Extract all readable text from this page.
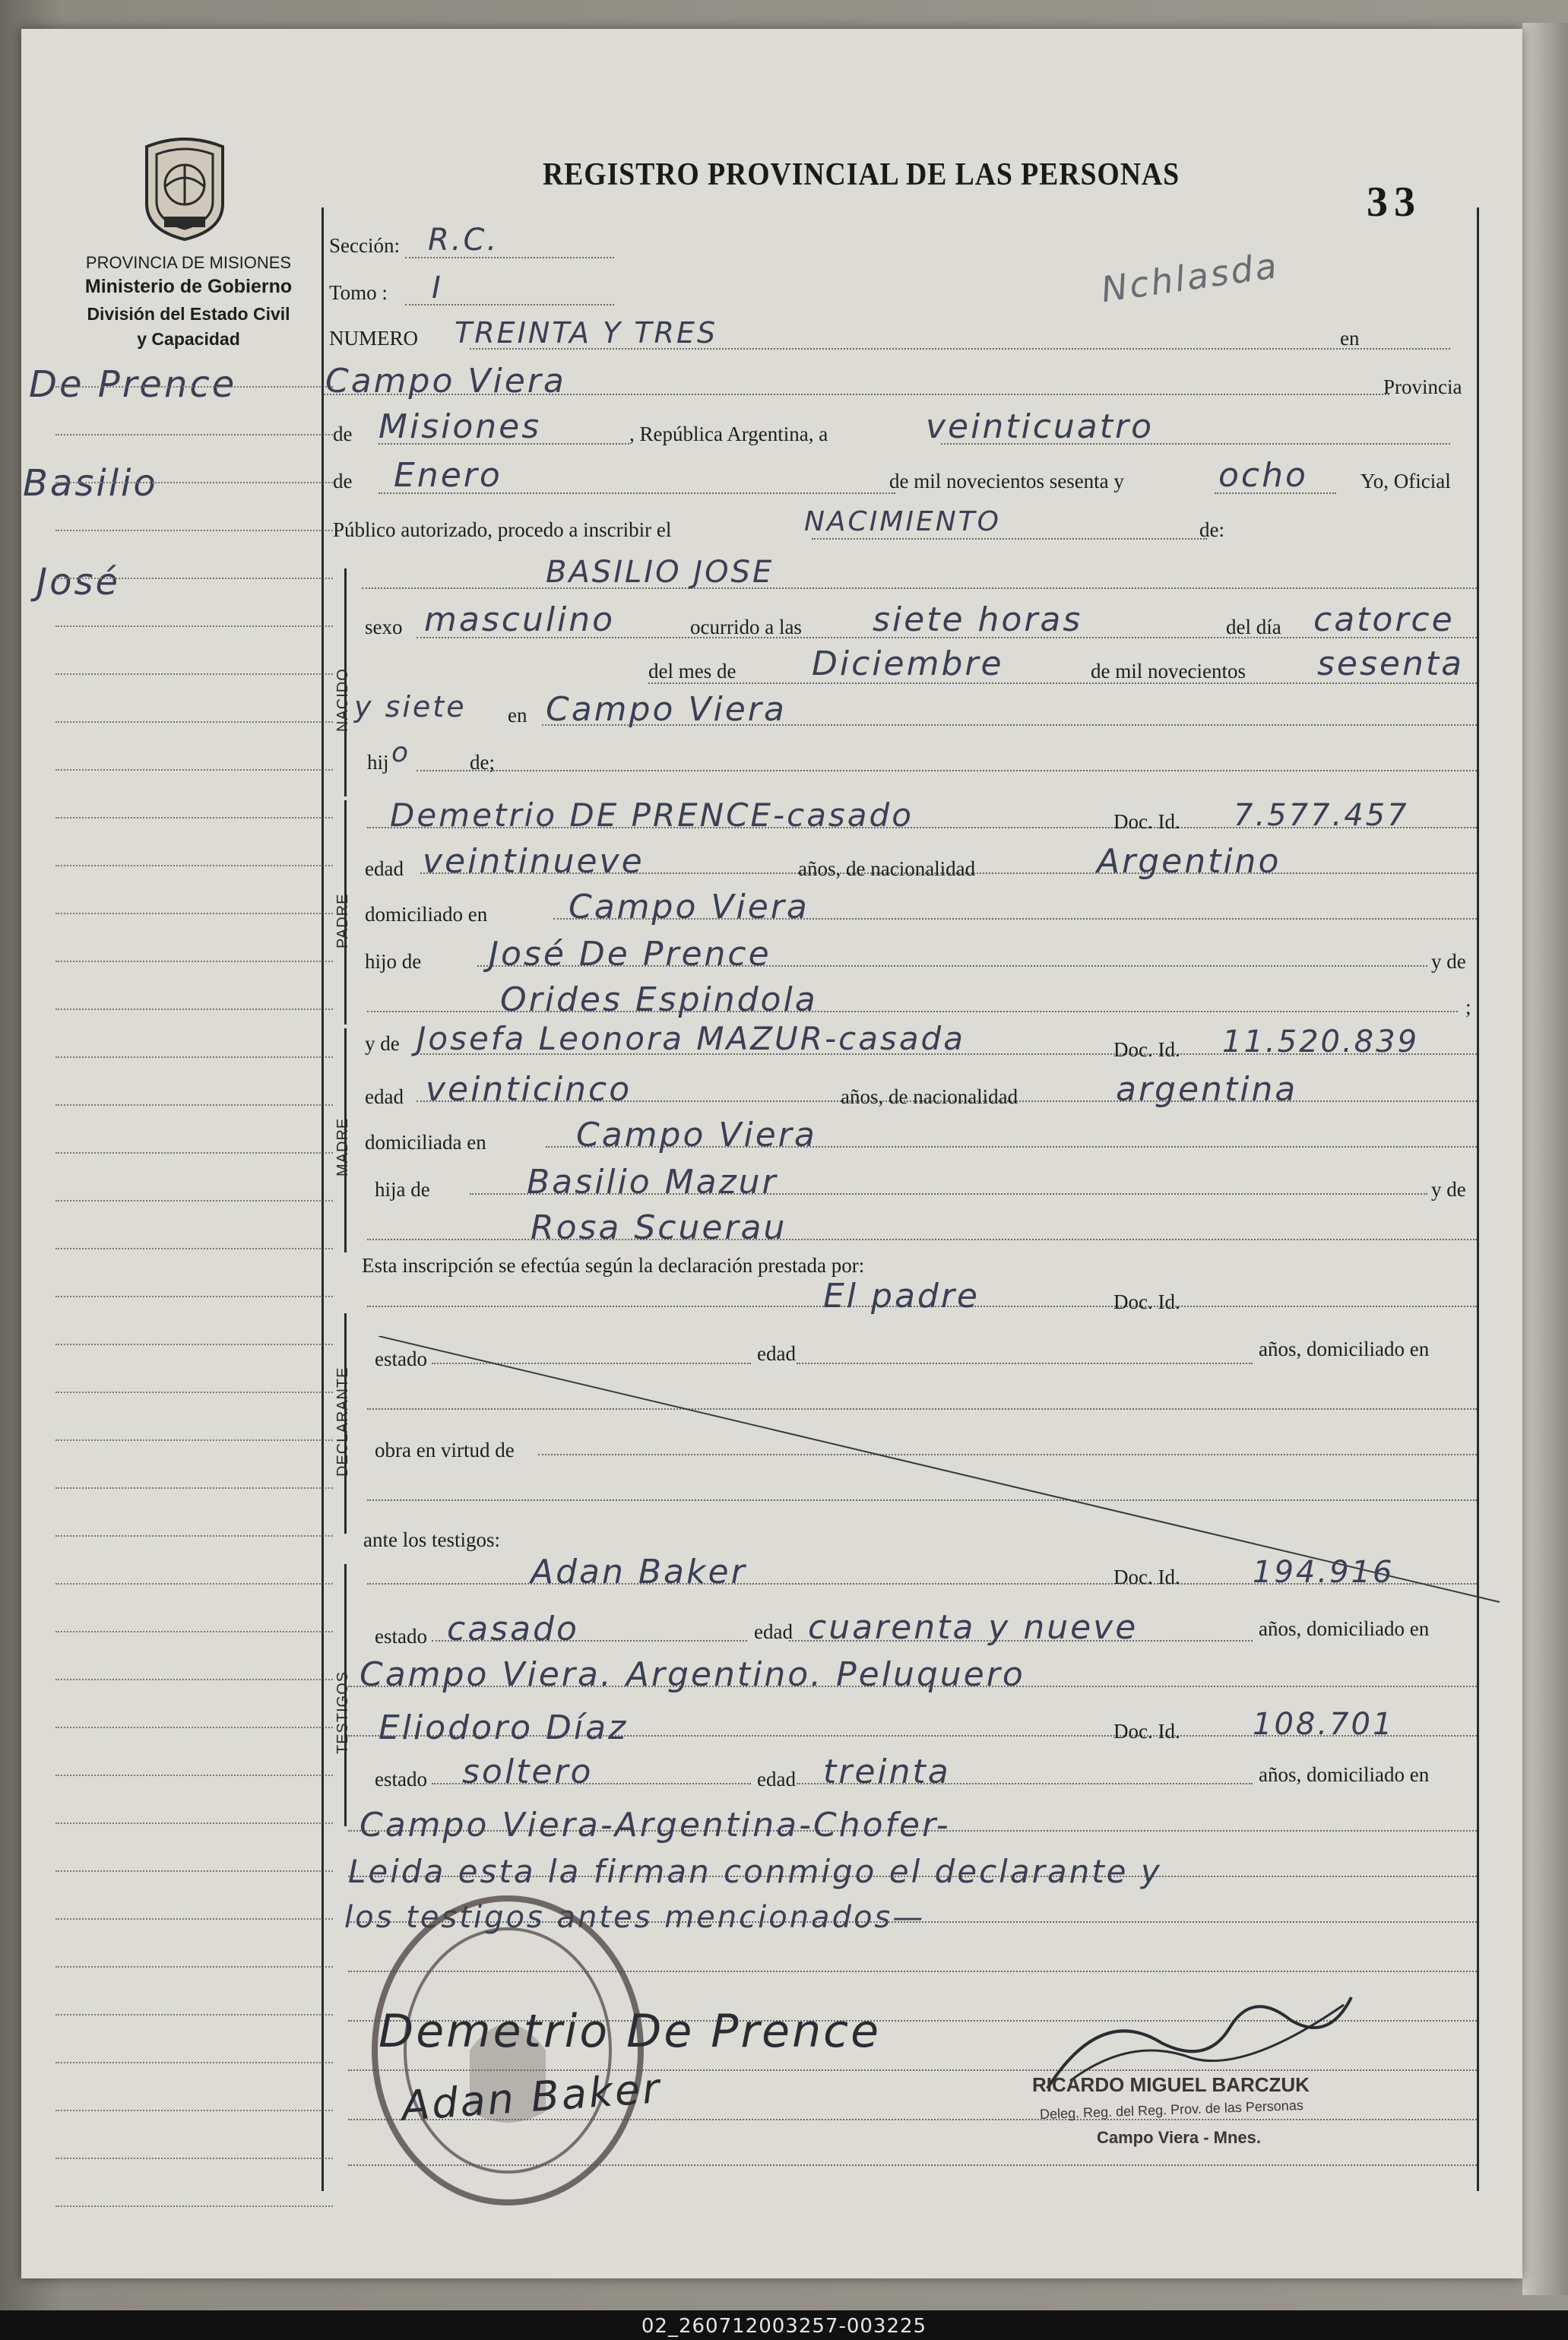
PROVINCIA DE MISIONES
Ministerio de Gobierno
División del Estado Civil
y Capacidad
REGISTRO PROVINCIAL DE LAS PERSONAS
33
Nchlasda
De Prence
Basilio
José
NACIDO
PADRE
MADRE
DECLARANTE
TESTIGOS
Sección: R.C.
Tomo : I
NUMERO TREINTA Y TRES	en
Campo Viera	Provincia
de Misiones	, República Argentina, a	veinticuatro
de Enero	de mil novecientos sesenta y	ocho	Yo, Oficial
Público autorizado, procedo a inscribir el	NACIMIENTO	de:
BASILIO JOSE
sexo masculino	ocurrido a las siete horas	del día catorce
del mes de Diciembre	de mil novecientos sesenta
y siete en Campo Viera
hij o	de;
Demetrio DE PRENCE-casado	Doc. Id. 7.577.457
edad veintinueve	años, de nacionalidad	Argentino
domiciliado en Campo Viera
hijo de José De Prence	y de
Orides Espindola	;
y de Josefa Leonora MAZUR-casada	Doc. Id. 11.520.839
edad veinticinco	años, de nacionalidad	argentina
domiciliada en	Campo Viera
hija de	Basilio Mazur	y de
Rosa Scuerau
Esta inscripción se efectúa según la declaración prestada por:
El padre	Doc. Id.
estado	edad	años, domiciliado en
obra en virtud de
ante los testigos:
Adan Baker	Doc. Id. 194.916
estado casado	edad cuarenta y nueve	años, domiciliado en
Campo Viera. Argentino. Peluquero
Eliodoro Díaz	Doc. Id. 108.701
estado soltero	edad treinta	años, domiciliado en
Campo Viera-Argentina-Chofer-
Leida esta la firman conmigo el declarante y
los testigos antes mencionados—
Demetrio De Prence
Adan Baker	RICARDO MIGUEL BARCZUK
Deleg. Reg. del Reg. Prov. de las Personas
Campo Viera - Mnes.
02_260712003257-003225
